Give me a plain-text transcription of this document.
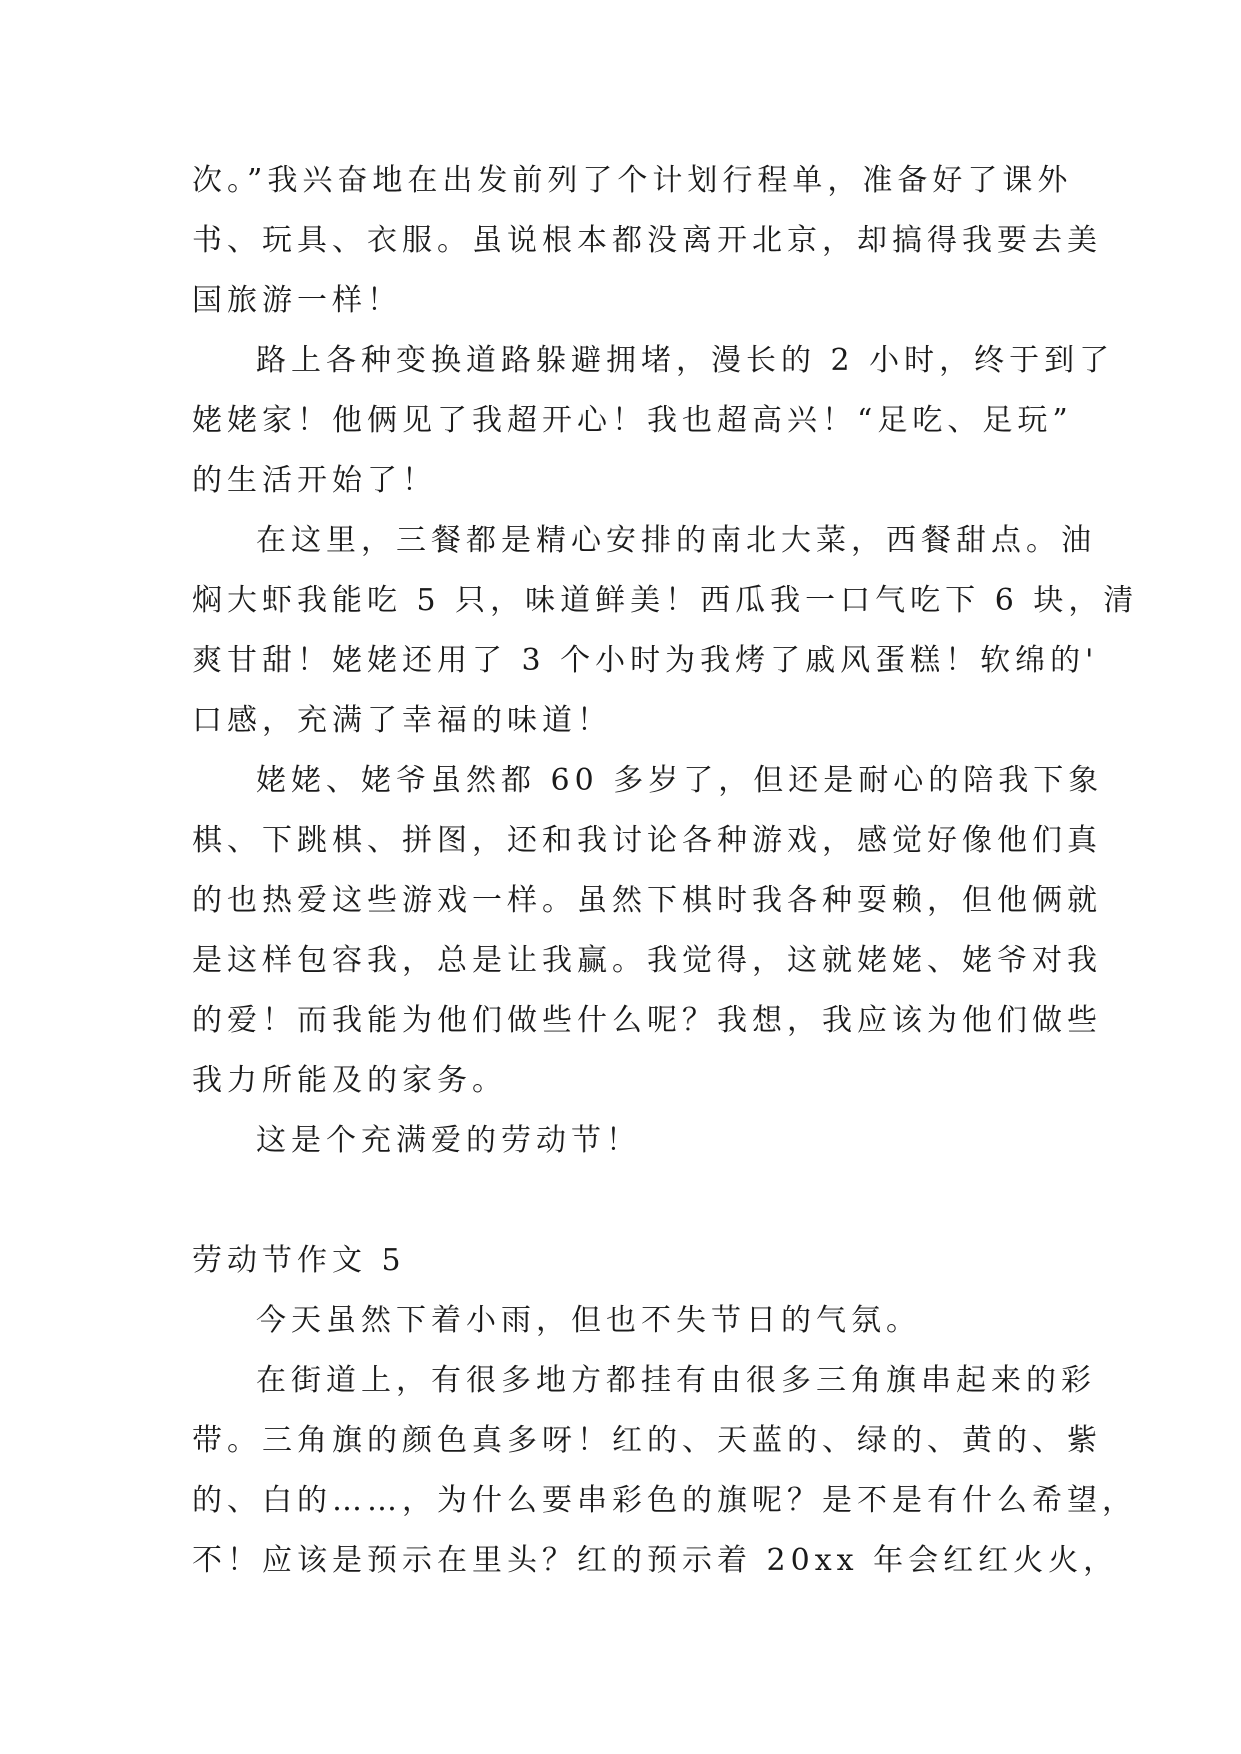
次。”我兴奋地在出发前列了个计划行程单，准备好了课外
书、玩具、衣服。虽说根本都没离开北京，却搞得我要去美
国旅游一样！
路上各种变换道路躲避拥堵，漫长的 2 小时，终于到了
姥姥家！他俩见了我超开心！我也超高兴！“足吃、足玩”
的生活开始了！
在这里，三餐都是精心安排的南北大菜，西餐甜点。油
焖大虾我能吃 5 只，味道鲜美！西瓜我一口气吃下 6 块，清
爽甘甜！姥姥还用了 3 个小时为我烤了戚风蛋糕！软绵的'
口感，充满了幸福的味道！
姥姥、姥爷虽然都 60 多岁了，但还是耐心的陪我下象
棋、下跳棋、拼图，还和我讨论各种游戏，感觉好像他们真
的也热爱这些游戏一样。虽然下棋时我各种耍赖，但他俩就
是这样包容我，总是让我赢。我觉得，这就姥姥、姥爷对我
的爱！而我能为他们做些什么呢？我想，我应该为他们做些
我力所能及的家务。
这是个充满爱的劳动节！
劳动节作文 5
今天虽然下着小雨，但也不失节日的气氛。
在街道上，有很多地方都挂有由很多三角旗串起来的彩
带。三角旗的颜色真多呀！红的、天蓝的、绿的、黄的、紫
的、白的……，为什么要串彩色的旗呢？是不是有什么希望，
不！应该是预示在里头？红的预示着 20xx 年会红红火火，
